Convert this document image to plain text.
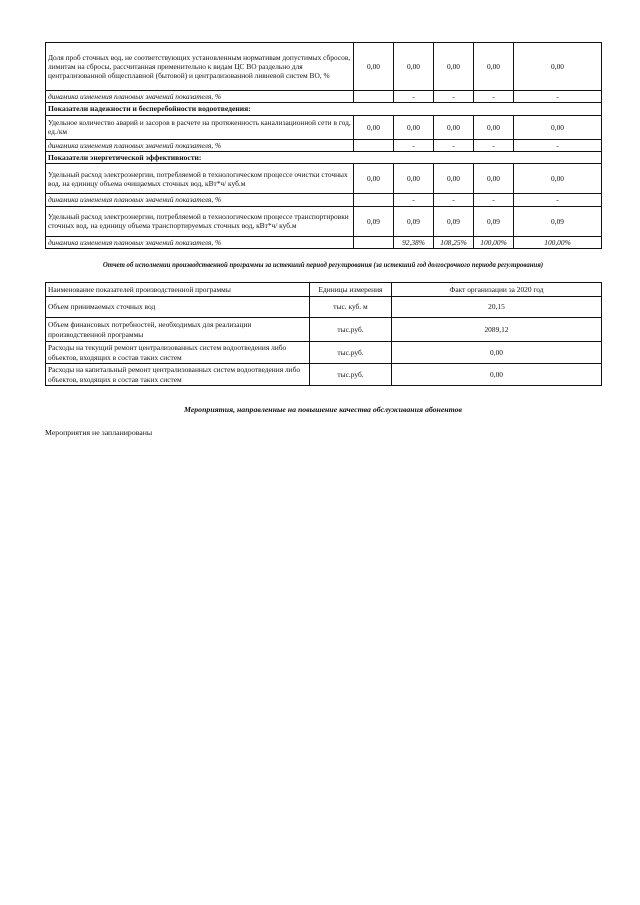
Доля проб сточных вод, не соответствующих установленным нормативам допустимых сбросов, лимитам на сбросы, рассчитанная применительно к видам ЦС ВО раздельно для централизованной общесплавной (бытовой) и централизованной ливневой систем ВО, %	0,00	0,00	0,00	0,00	0,00
динамика изменения плановых значений показателя, %		-	-	-	-
Показатели надежности и бесперебойности водоотведения:					
Удельное количество аварий и засоров в расчете на протяженность канализационной сети в год, ед./км	0,00	0,00	0,00	0,00	0,00
динамика изменения плановых значений показателя, %		-	-	-	-
Показатели энергетической эффективности:					
Удельный расход электроэнергии, потребляемой в технологическом процессе очистки сточных вод, на единицу объема очищаемых сточных вод, кВт*ч/ куб.м	0,00	0,00	0,00	0,00	0,00
динамика изменения плановых значений показателя, %		-	-	-	-
Удельный расход электроэнергии, потребляемой в технологическом процессе транспортировки сточных вод, на единицу объема транспортируемых сточных вод, кВт*ч/ куб.м	0,09	0,09	0,09	0,09	0,09
динамика изменения плановых значений показателя, %		92,38%	108,25%	100,00%	100,00%
Отчет об исполнении производственной программы за истекший период регулирования (за истекший год долгосрочного периода регулирования)
Наименование показателей производственной программы	Единицы измерения	Факт организации за 2020 год
Объем принимаемых сточных вод	тыс. куб. м	20,15
Объем финансовых потребностей, необходимых для реализации производственной программы	тыс.руб.	2089,12
Расходы на текущий ремонт централизованных систем водоотведения либо объектов, входящих в состав таких систем	тыс.руб.	0,00
Расходы на капитальный ремонт централизованных систем водоотведения либо объектов, входящих в состав таких систем	тыс.руб.	0,00
Мероприятия, направленные на повышение качества обслуживания абонентов
Мероприятия не запланированы
